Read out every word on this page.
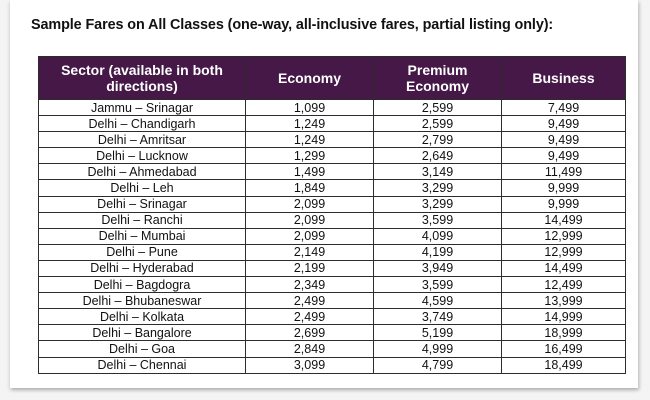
Sample Fares on All Classes (one-way, all-inclusive fares, partial listing only):
Sector (available in both directions)	Economy	Premium Economy	Business
Jammu – Srinagar	1,099	2,599	7,499
Delhi – Chandigarh	1,249	2,599	9,499
Delhi – Amritsar	1,249	2,799	9,499
Delhi – Lucknow	1,299	2,649	9,499
Delhi – Ahmedabad	1,499	3,149	11,499
Delhi – Leh	1,849	3,299	9,999
Delhi – Srinagar	2,099	3,299	9,999
Delhi – Ranchi	2,099	3,599	14,499
Delhi – Mumbai	2,099	4,099	12,999
Delhi – Pune	2,149	4,199	12,999
Delhi – Hyderabad	2,199	3,949	14,499
Delhi – Bagdogra	2,349	3,599	12,499
Delhi – Bhubaneswar	2,499	4,599	13,999
Delhi – Kolkata	2,499	3,749	14,999
Delhi – Bangalore	2,699	5,199	18,999
Delhi – Goa	2,849	4,999	16,499
Delhi – Chennai	3,099	4,799	18,499
